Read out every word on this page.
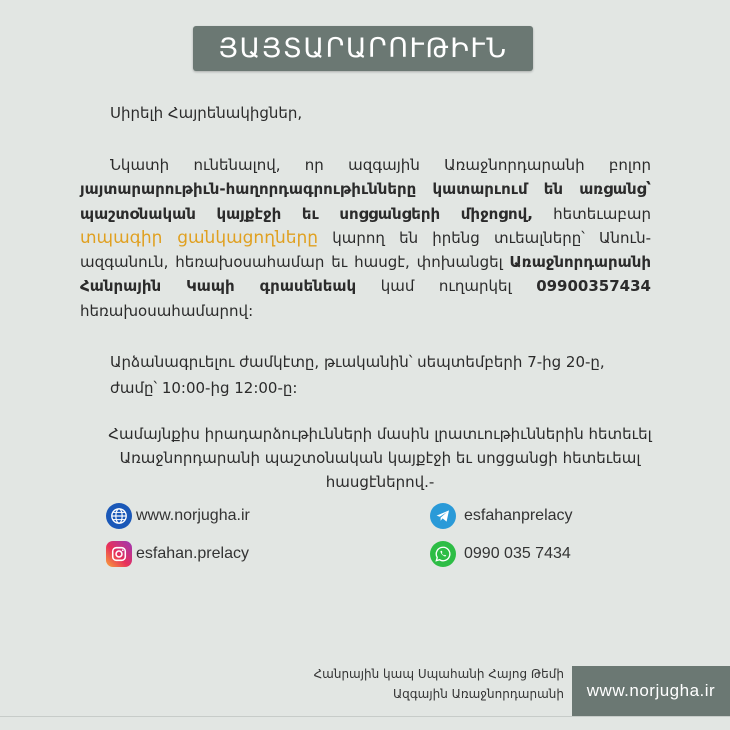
ՅԱՅՏԱՐԱՐՈՒԹԻՒՆ
Սիրելի Հայրենակիցներ,
Նկատի ունենալով, որ ազգային Առաջնորդարանի բոլոր յայտարարութիւն-հաղորդագրութիւնները կատարւում են առցանց՝ պաշտօնական կայքէջի եւ սոցցանցերի միջոցով, հետեւաբար տպագիր ցանկացողները կարող են իրենց տւեալները՝ Անուն-ազգանուն, հեռախօսահամար եւ հասցէ, փոխանցել Առաջնորդարանի Հանրային Կապի գրասենեակ կամ ուղարկել 09900357434 հեռախօսահամարով:
Արձանագրւելու ժամկէտը, թւականին՝ սեպտեմբերի 7-ից 20-ը,
ժամը՝ 10:00-ից 12:00-ը:
Համայնքիս իրադարձութիւնների մասին լրատւութիւններին հետեւել
Առաջնորդարանի պաշտօնական կայքէջի եւ սոցցանցի հետեւեալ
հասցէներով.-
www.norjugha.ir	esfahanprelacy
esfahan.prelacy	0990 035 7434
Հանրային կապ Սպահանի Հայոց Թեմի
Ազգային Առաջնորդարանի	www.norjugha.ir
